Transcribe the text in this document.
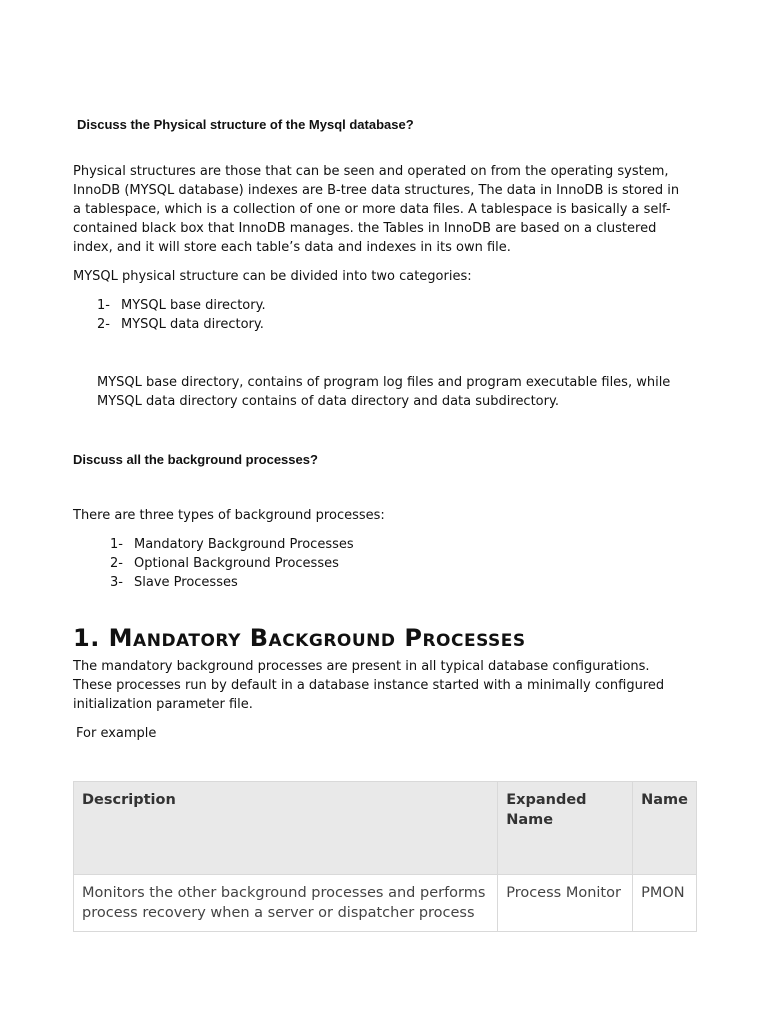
Discuss the Physical structure of the Mysql database?

Physical structures are those that can be seen and operated on from the operating system, InnoDB (MYSQL database) indexes are B-tree data structures, The data in InnoDB is stored in a tablespace, which is a collection of one or more data files. A tablespace is basically a self-contained black box that InnoDB manages. the Tables in InnoDB are based on a clustered index, and it will store each table’s data and indexes in its own file.

MYSQL physical structure can be divided into two categories:

1- MYSQL base directory.
2- MYSQL data directory.

MYSQL base directory, contains of program log files and program executable files, while MYSQL data directory contains of data directory and data subdirectory.

Discuss all the background processes?

There are three types of background processes:

1- Mandatory Background Processes
2- Optional Background Processes
3- Slave Processes
1. Mandatory Background Processes

The mandatory background processes are present in all typical database configurations. These processes run by default in a database instance started with a minimally configured initialization parameter file.

For example

Description	Expanded Name	Name
Monitors the other background processes and performs process recovery when a server or dispatcher process	Process Monitor	PMON
